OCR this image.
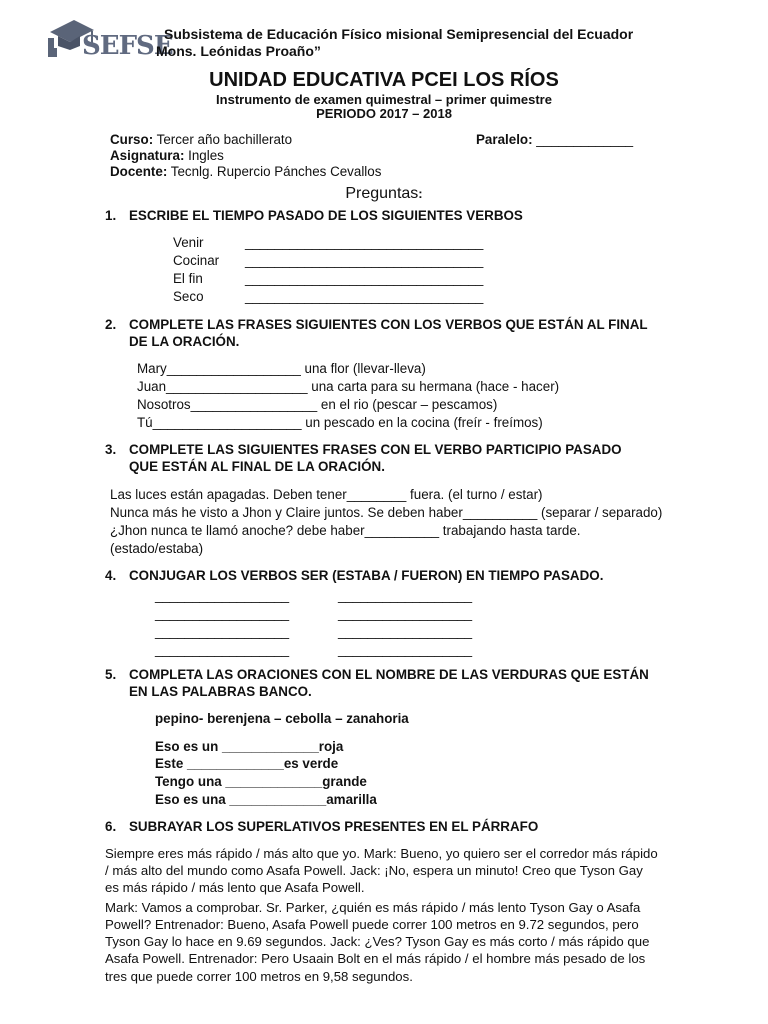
SEFSE
Subsistema de Educación Físico misional Semipresencial del Ecuador
Mons. Leónidas Proaño”
UNIDAD EDUCATIVA PCEI LOS RÍOS
Instrumento de examen quimestral – primer quimestre
PERIODO 2017 – 2018
Curso: Tercer año bachillerato	Paralelo: _____________
Asignatura: Ingles
Docente: Tecnlg. Rupercio Pánches Cevallos
Preguntas:
1. ESCRIBE EL TIEMPO PASADO DE LOS SIGUIENTES VERBOS
Venir	________________________________
Cocinar ________________________________
El fin	________________________________
Seco	________________________________
2. COMPLETE LAS FRASES SIGUIENTES CON LOS VERBOS QUE ESTÁN AL FINAL
DE LA ORACIÓN.
Mary__________________ una flor (llevar-lleva)
Juan___________________ una carta para su hermana (hace - hacer)
Nosotros_________________ en el rio (pescar – pescamos)
Tú____________________ un pescado en la cocina (freír - freímos)
3. COMPLETE LAS SIGUIENTES FRASES CON EL VERBO PARTICIPIO PASADO
QUE ESTÁN AL FINAL DE LA ORACIÓN.
Las luces están apagadas. Deben tener________ fuera. (el turno / estar)
Nunca más he visto a Jhon y Claire juntos. Se deben haber__________ (separar / separado)
¿Jhon nunca te llamó anoche? debe haber__________ trabajando hasta tarde.
(estado/estaba)
4. CONJUGAR LOS VERBOS SER (ESTABA / FUERON) EN TIEMPO PASADO.
__________________	__________________
__________________	__________________
__________________	__________________
__________________	__________________
5. COMPLETA LAS ORACIONES CON EL NOMBRE DE LAS VERDURAS QUE ESTÁN
EN LAS PALABRAS BANCO.
pepino- berenjena – cebolla – zanahoria
Eso es un _____________roja
Este _____________es verde
Tengo una _____________grande
Eso es una _____________amarilla
6. SUBRAYAR LOS SUPERLATIVOS PRESENTES EN EL PÁRRAFO
Siempre eres más rápido / más alto que yo. Mark: Bueno, yo quiero ser el corredor más rápido
/ más alto del mundo como Asafa Powell. Jack: ¡No, espera un minuto! Creo que Tyson Gay
es más rápido / más lento que Asafa Powell.
Mark: Vamos a comprobar. Sr. Parker, ¿quién es más rápido / más lento Tyson Gay o Asafa
Powell? Entrenador: Bueno, Asafa Powell puede correr 100 metros en 9.72 segundos, pero
Tyson Gay lo hace en 9.69 segundos. Jack: ¿Ves? Tyson Gay es más corto / más rápido que
Asafa Powell. Entrenador: Pero Usaain Bolt en el más rápido / el hombre más pesado de los
tres que puede correr 100 metros en 9,58 segundos.
